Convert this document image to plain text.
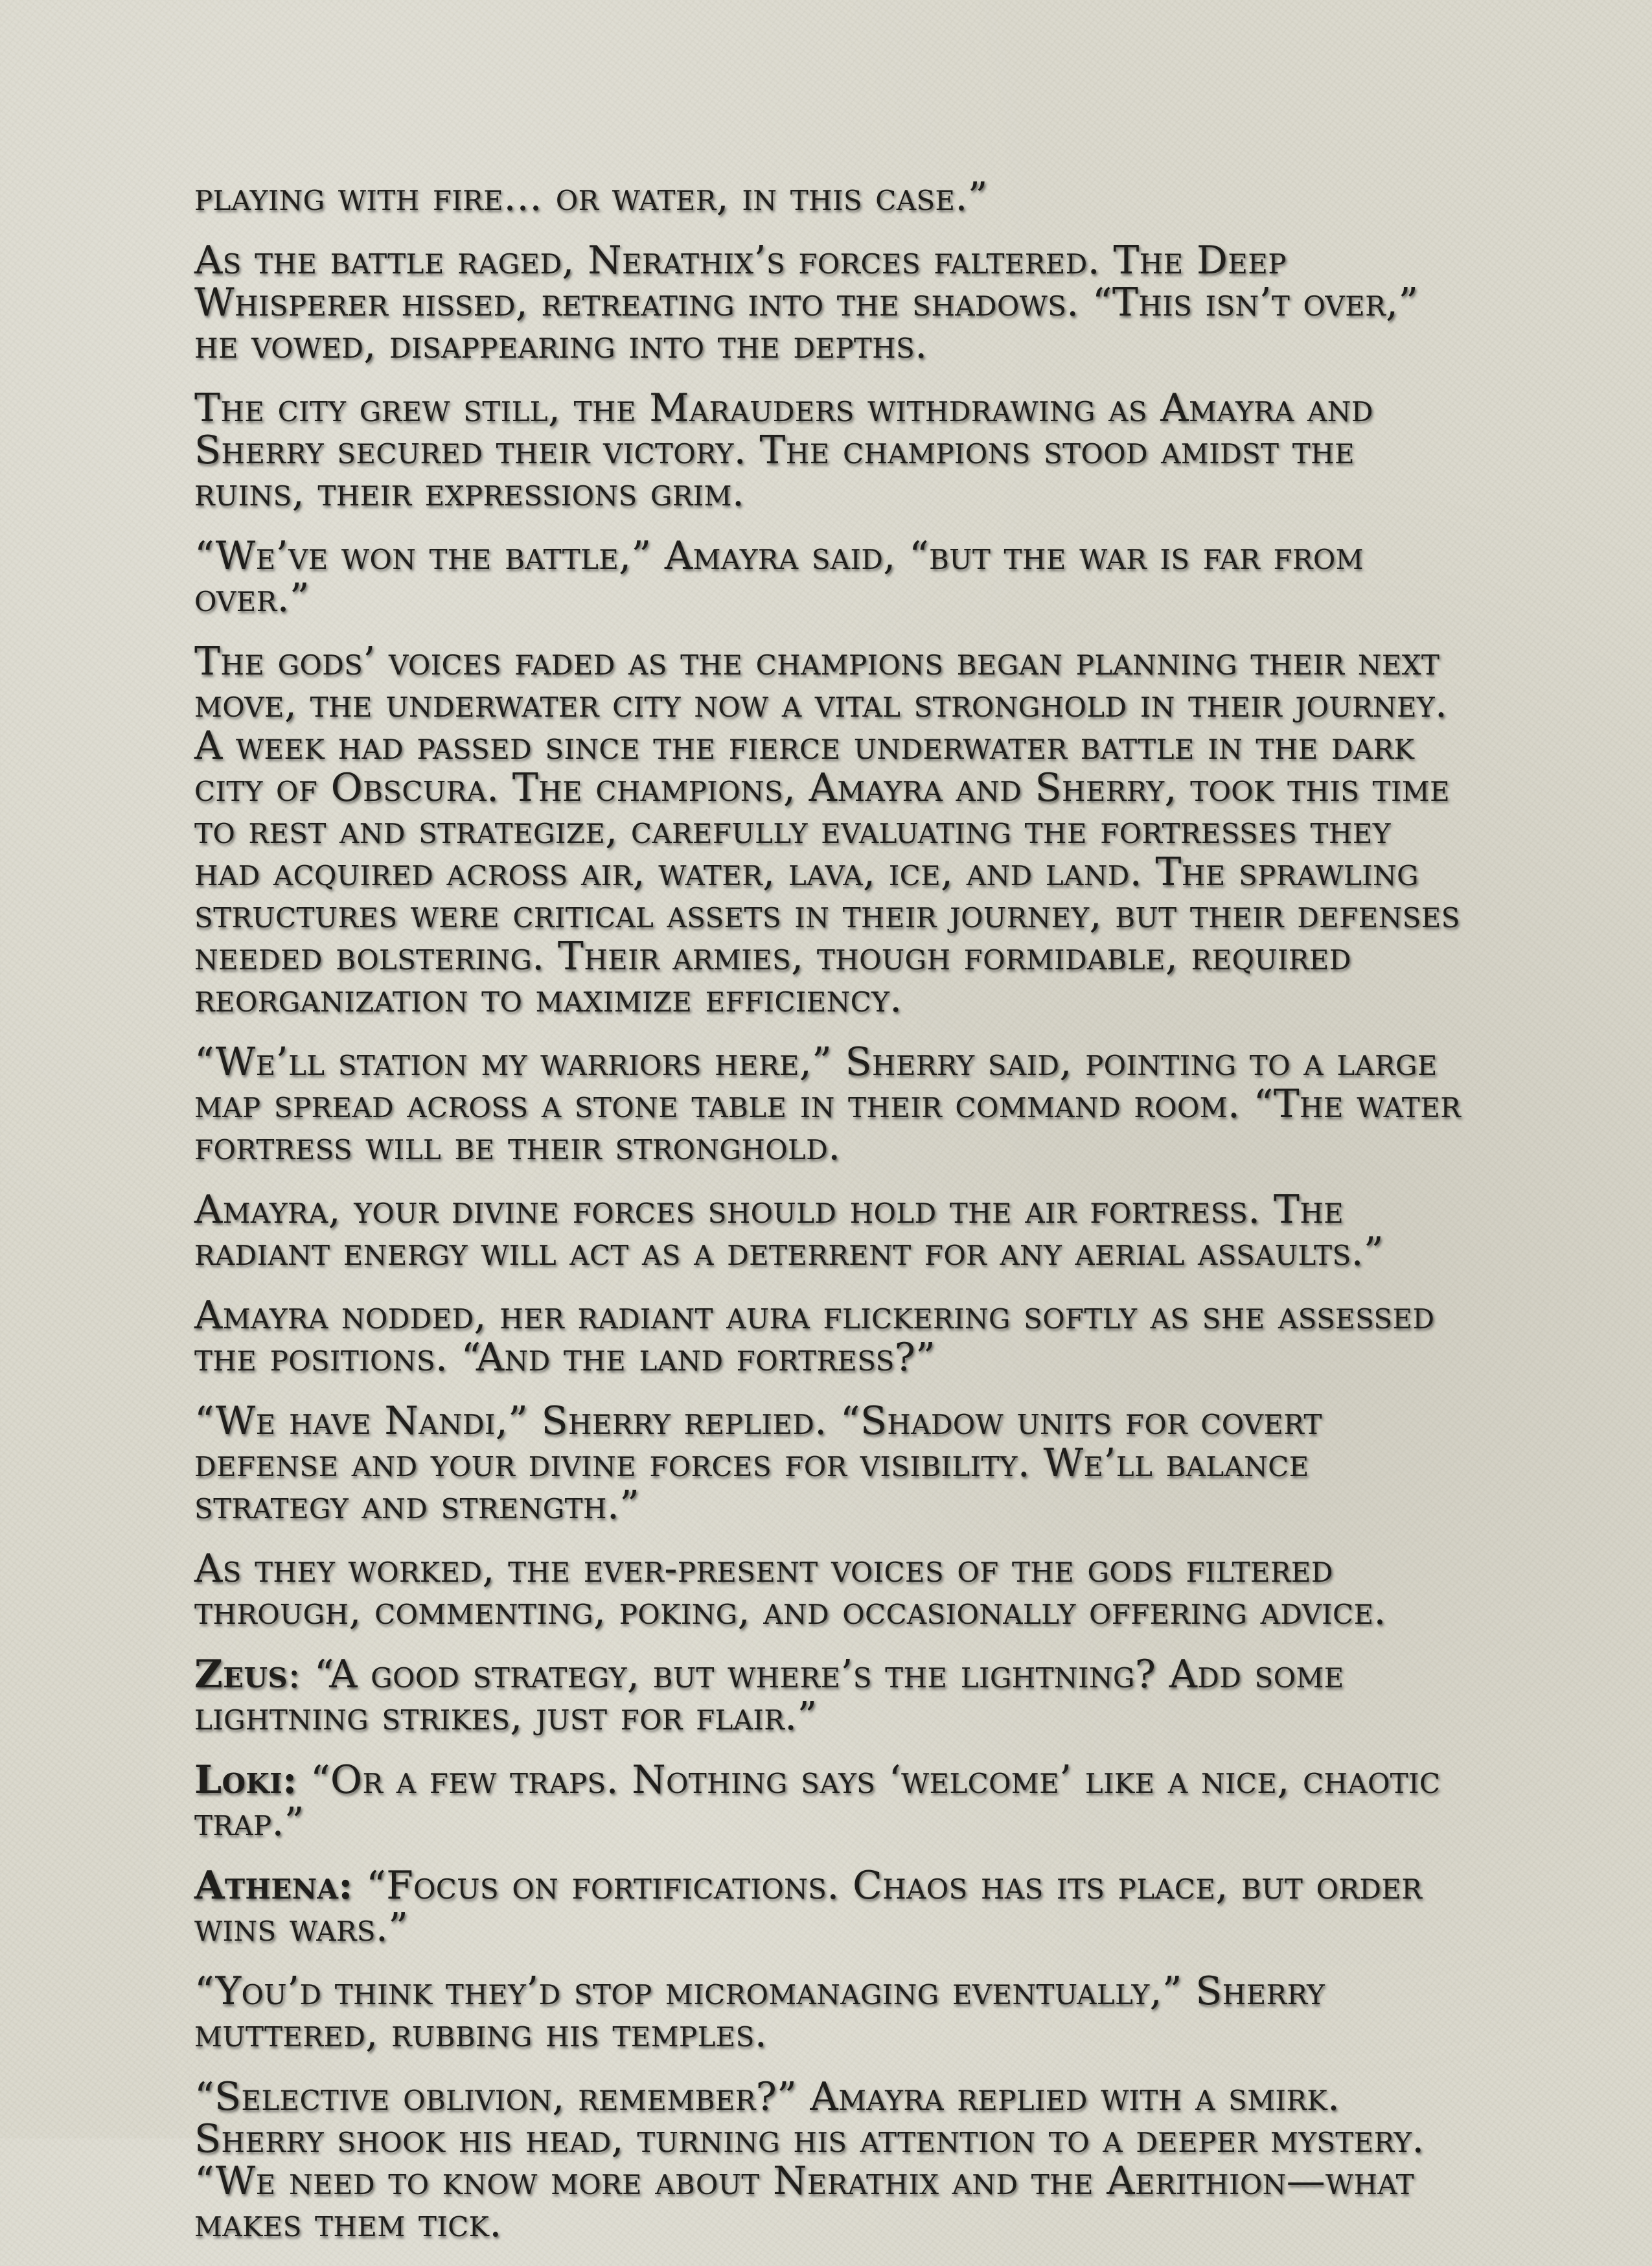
playing with fire… or water, in this case.”

As the battle raged, Nerathix’s forces faltered. The Deep Whisperer hissed, retreating into the shadows. “This isn’t over,” he vowed, disappearing into the depths.

The city grew still, the Marauders withdrawing as Amayra and Sherry secured their victory. The champions stood amidst the ruins, their expressions grim.

“We’ve won the battle,” Amayra said, “but the war is far from over.”

The gods’ voices faded as the champions began planning their next move, the underwater city now a vital stronghold in their journey. A week had passed since the fierce underwater battle in the dark city of Obscura. The champions, Amayra and Sherry, took this time to rest and strategize, carefully evaluating the fortresses they had acquired across air, water, lava, ice, and land. The sprawling structures were critical assets in their journey, but their defenses needed bolstering. Their armies, though formidable, required reorganization to maximize efficiency.

“We’ll station my warriors here,” Sherry said, pointing to a large map spread across a stone table in their command room. “The water fortress will be their stronghold.

Amayra, your divine forces should hold the air fortress. The radiant energy will act as a deterrent for any aerial assaults.”

Amayra nodded, her radiant aura flickering softly as she assessed the positions. “And the land fortress?”

“We have Nandi,” Sherry replied. “Shadow units for covert defense and your divine forces for visibility. We’ll balance strategy and strength.”

As they worked, the ever-present voices of the gods filtered through, commenting, poking, and occasionally offering advice.

Zeus: “A good strategy, but where’s the lightning? Add some lightning strikes, just for flair.”

Loki: “Or a few traps. Nothing says ‘welcome’ like a nice, chaotic trap.”

Athena: “Focus on fortifications. Chaos has its place, but order wins wars.”

“You’d think they’d stop micromanaging eventually,” Sherry muttered, rubbing his temples.

“Selective oblivion, remember?” Amayra replied with a smirk. Sherry shook his head, turning his attention to a deeper mystery. “We need to know more about Nerathix and the Aerithion—what makes them tick.
